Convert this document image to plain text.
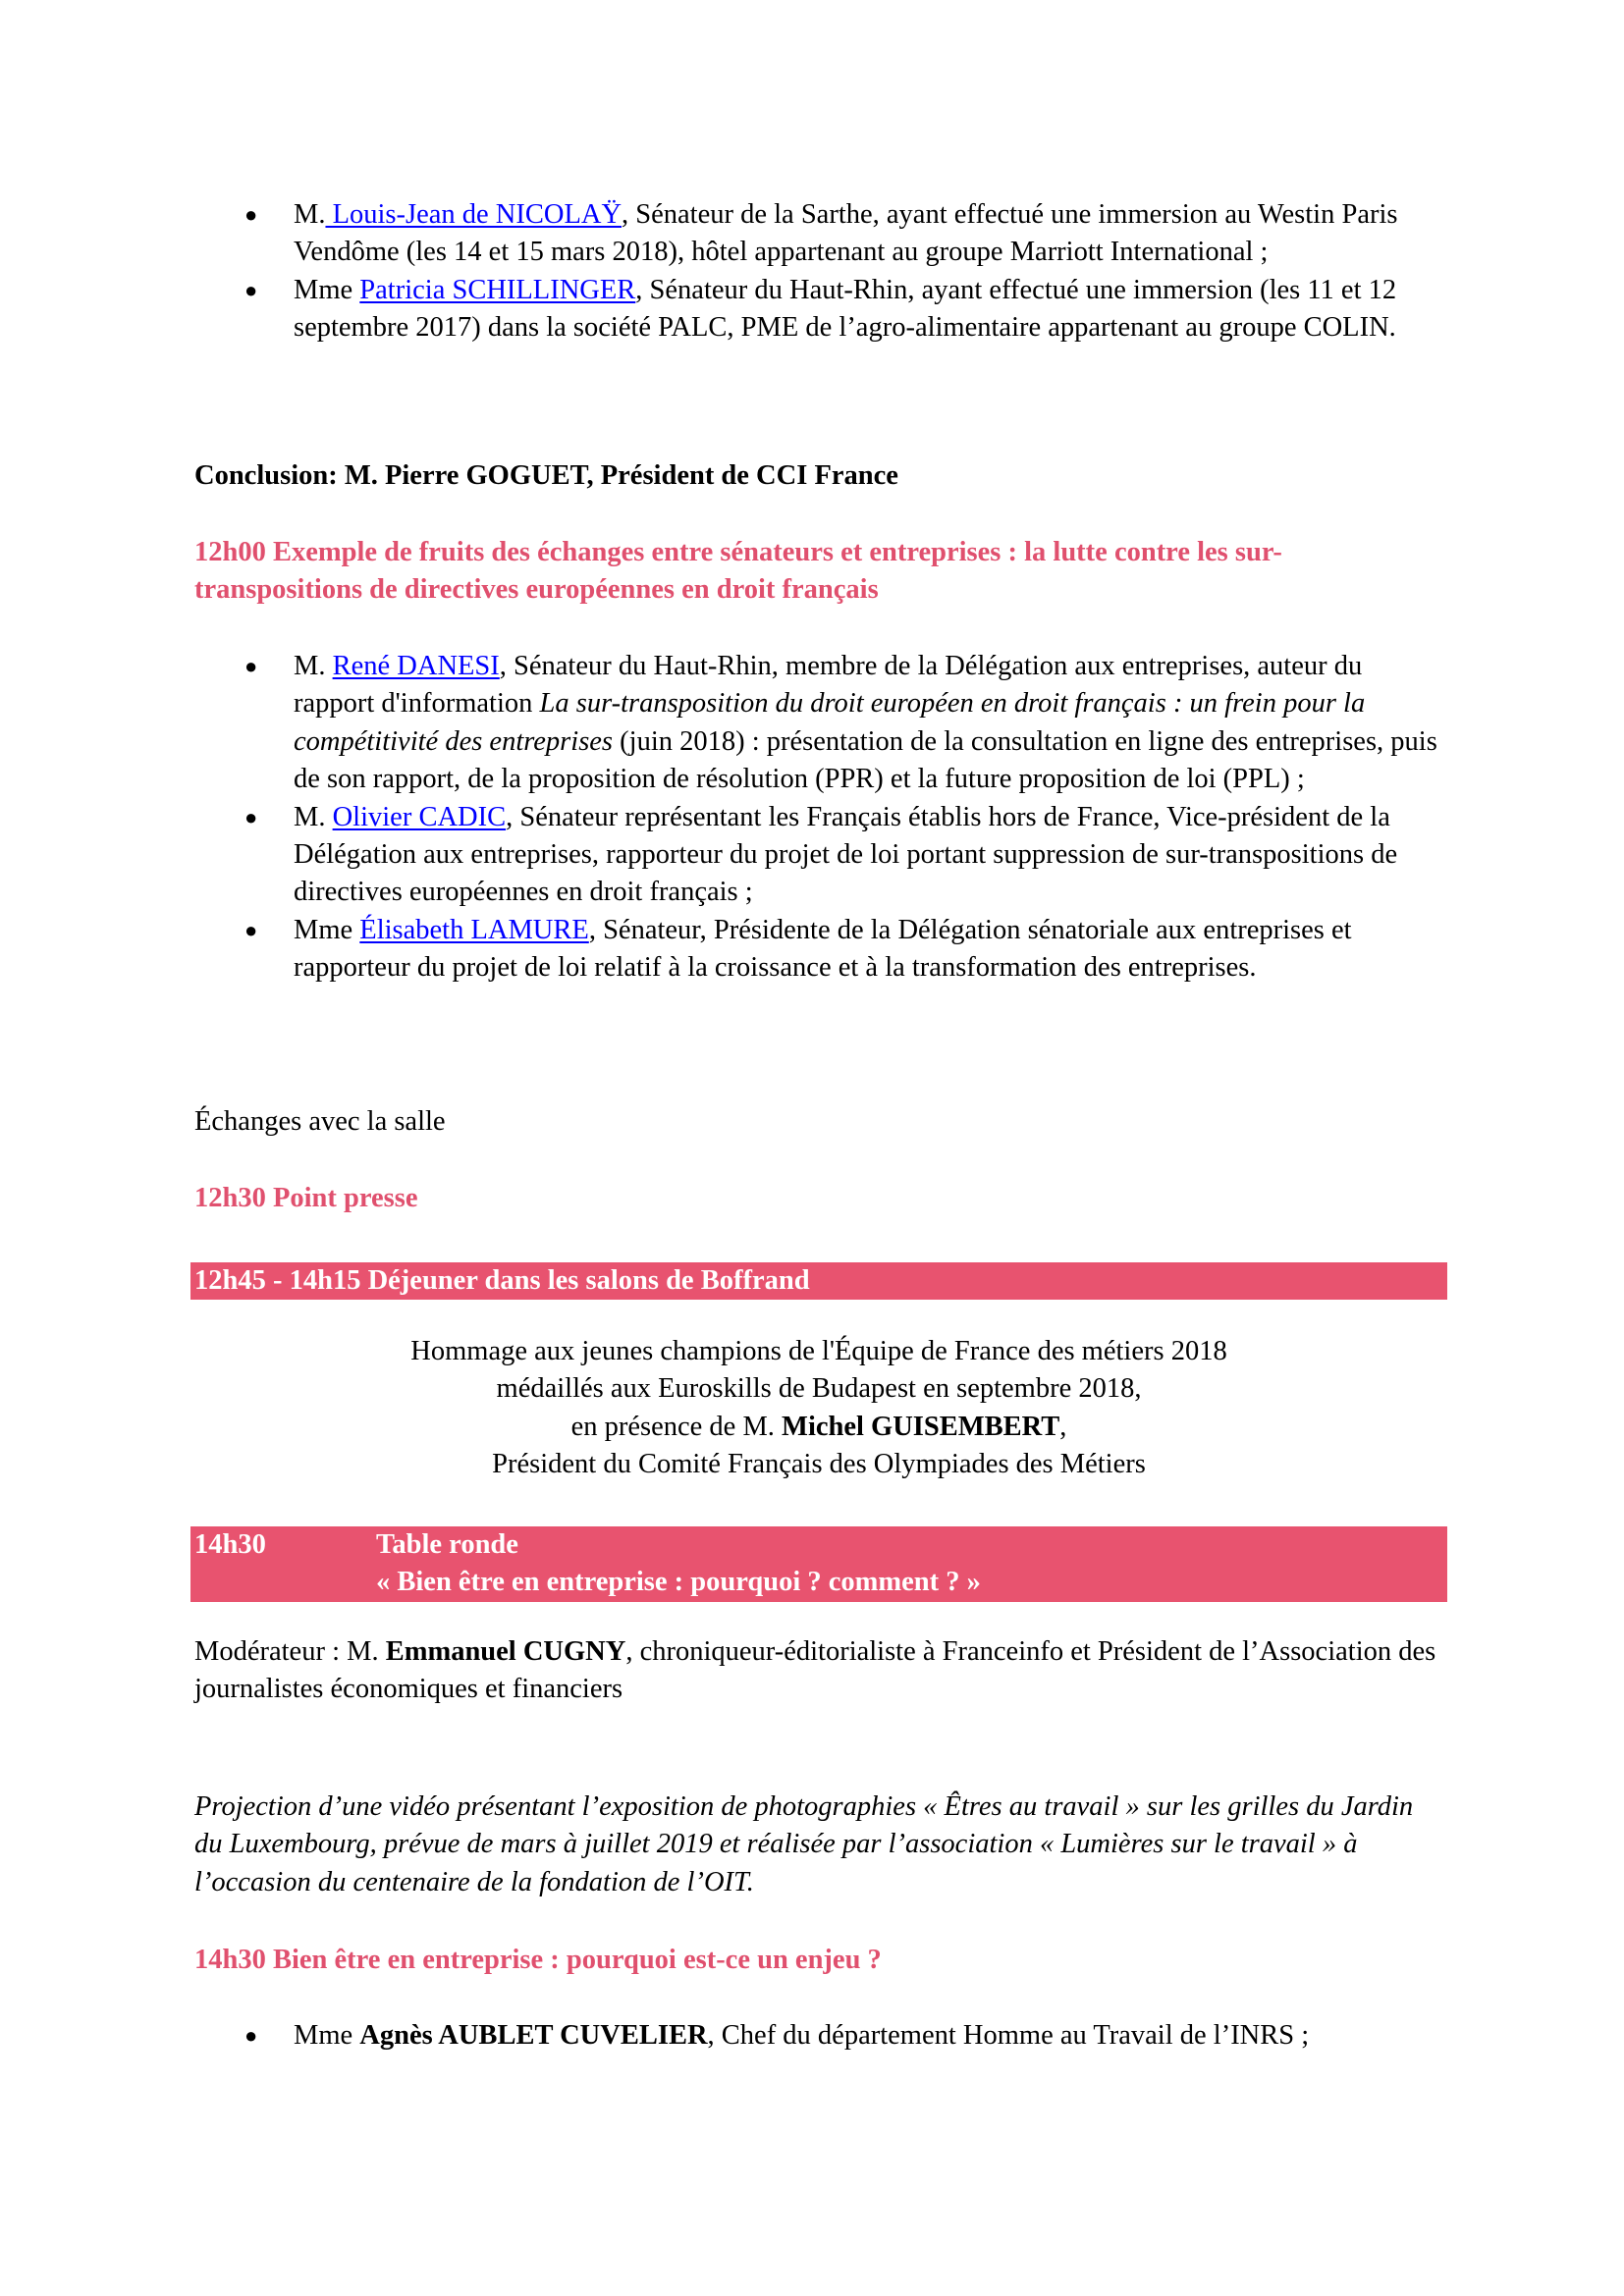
● M. Louis-Jean de NICOLAŸ, Sénateur de la Sarthe, ayant effectué une immersion au Westin Paris Vendôme (les 14 et 15 mars 2018), hôtel appartenant au groupe Marriott International ;
● Mme Patricia SCHILLINGER, Sénateur du Haut-Rhin, ayant effectué une immersion (les 11 et 12 septembre 2017) dans la société PALC, PME de l’agro-alimentaire appartenant au groupe COLIN.
Conclusion: M. Pierre GOGUET, Président de CCI France
12h00 Exemple de fruits des échanges entre sénateurs et entreprises : la lutte contre les sur-transpositions de directives européennes en droit français
● M. René DANESI, Sénateur du Haut-Rhin, membre de la Délégation aux entreprises, auteur du rapport d'information La sur-transposition du droit européen en droit français : un frein pour la compétitivité des entreprises (juin 2018) : présentation de la consultation en ligne des entreprises, puis de son rapport, de la proposition de résolution (PPR) et la future proposition de loi (PPL) ;
● M. Olivier CADIC, Sénateur représentant les Français établis hors de France, Vice-président de la Délégation aux entreprises, rapporteur du projet de loi portant suppression de sur-transpositions de directives européennes en droit français ;
● Mme Élisabeth LAMURE, Sénateur, Présidente de la Délégation sénatoriale aux entreprises et rapporteur du projet de loi relatif à la croissance et à la transformation des entreprises.
Échanges avec la salle
12h30 Point presse
12h45 - 14h15 Déjeuner dans les salons de Boffrand
Hommage aux jeunes champions de l'Équipe de France des métiers 2018
médaillés aux Euroskills de Budapest en septembre 2018,
en présence de M. Michel GUISEMBERT,
Président du Comité Français des Olympiades des Métiers
14h30	Table ronde
« Bien être en entreprise : pourquoi ? comment ? »
Modérateur : M. Emmanuel CUGNY, chroniqueur-éditorialiste à Franceinfo et Président de l’Association des journalistes économiques et financiers
Projection d’une vidéo présentant l’exposition de photographies « Êtres au travail » sur les grilles du Jardin du Luxembourg, prévue de mars à juillet 2019 et réalisée par l’association « Lumières sur le travail » à l’occasion du centenaire de la fondation de l’OIT.
14h30 Bien être en entreprise : pourquoi est-ce un enjeu ?
● Mme Agnès AUBLET CUVELIER, Chef du département Homme au Travail de l’INRS ;
